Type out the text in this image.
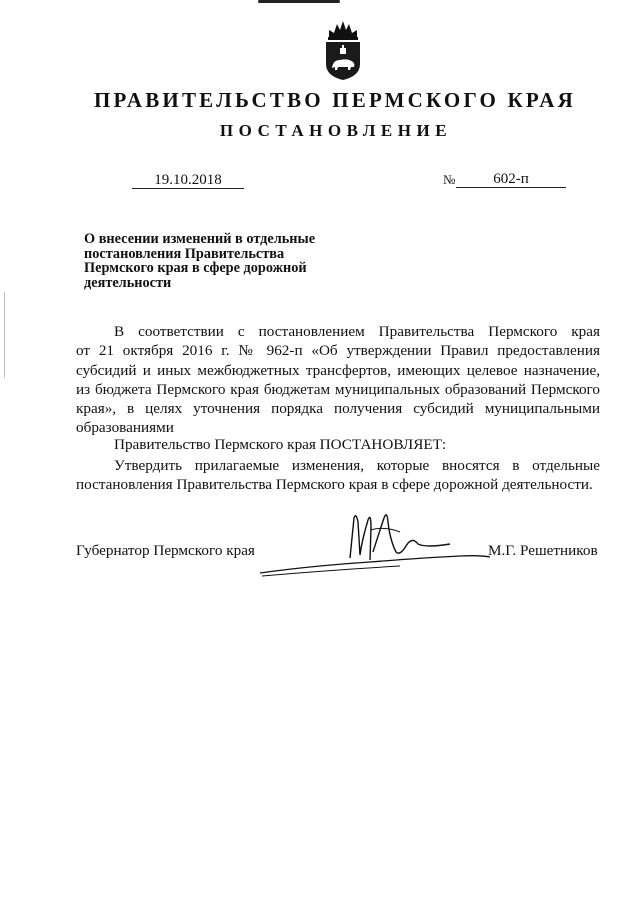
ПРАВИТЕЛЬСТВО ПЕРМСКОГО КРАЯ
ПОСТАНОВЛЕНИЕ
19.10.2018	№	602-п
О внесении изменений в отдельные
постановления Правительства
Пермского края в сфере дорожной
деятельности
В соответствии с постановлением Правительства Пермского края
от 21 октября 2016 г. № 962-п «Об утверждении Правил предоставления
субсидий и иных межбюджетных трансфертов, имеющих целевое назначение,
из бюджета Пермского края бюджетам муниципальных образований Пермского
края», в целях уточнения порядка получения субсидий муниципальными
образованиями
Правительство Пермского края ПОСТАНОВЛЯЕТ:
Утвердить прилагаемые изменения, которые вносятся в отдельные
постановления Правительства Пермского края в сфере дорожной деятельности.
Губернатор Пермского края	М.Г. Решетников
